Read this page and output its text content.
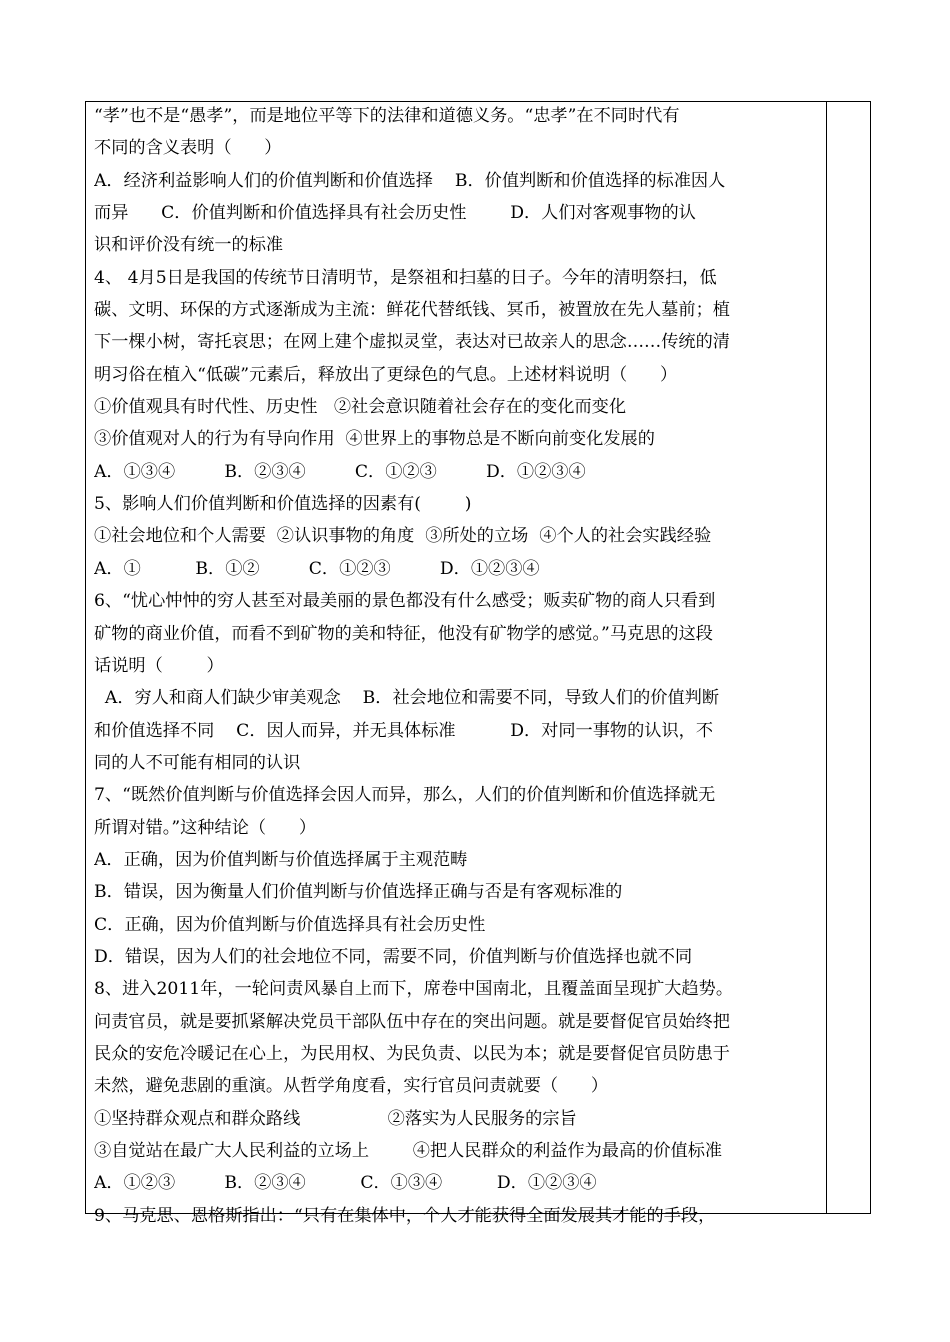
“孝”也不是“愚孝”，而是地位平等下的法律和道德义务。“忠孝”在不同时代有
不同的含义表明（      ）
A．经济利益影响人们的价值判断和价值选择    B．价值判断和价值选择的标准因人
而异      C．价值判断和价值选择具有社会历史性        D．人们对客观事物的认
识和评价没有统一的标准
4、 4月5日是我国的传统节日清明节，是祭祖和扫墓的日子。今年的清明祭扫，低
碳、文明、环保的方式逐渐成为主流：鲜花代替纸钱、冥币，被置放在先人墓前；植
下一棵小树，寄托哀思；在网上建个虚拟灵堂，表达对已故亲人的思念……传统的清
明习俗在植入“低碳”元素后，释放出了更绿色的气息。上述材料说明（      ）
①价值观具有时代性、历史性   ②社会意识随着社会存在的变化而变化
③价值观对人的行为有导向作用  ④世界上的事物总是不断向前变化发展的
A．①③④         B．②③④         C．①②③         D．①②③④
5、影响人们价值判断和价值选择的因素有(        )
①社会地位和个人需要  ②认识事物的角度  ③所处的立场  ④个人的社会实践经验
A．①          B．①②         C．①②③         D．①②③④
6、“忧心忡忡的穷人甚至对最美丽的景色都没有什么感受；贩卖矿物的商人只看到
矿物的商业价值，而看不到矿物的美和特征，他没有矿物学的感觉。”马克思的这段
话说明（        ）
A．穷人和商人们缺少审美观念    B．社会地位和需要不同，导致人们的价值判断
和价值选择不同    C．因人而异，并无具体标准          D．对同一事物的认识，不
同的人不可能有相同的认识
7、“既然价值判断与价值选择会因人而异，那么，人们的价值判断和价值选择就无
所谓对错。”这种结论（      ）
A．正确，因为价值判断与价值选择属于主观范畴
B．错误，因为衡量人们价值判断与价值选择正确与否是有客观标准的
C．正确，因为价值判断与价值选择具有社会历史性
D．错误，因为人们的社会地位不同，需要不同，价值判断与价值选择也就不同
8、进入2011年，一轮问责风暴自上而下，席卷中国南北，且覆盖面呈现扩大趋势。
问责官员，就是要抓紧解决党员干部队伍中存在的突出问题。就是要督促官员始终把
民众的安危冷暖记在心上，为民用权、为民负责、以民为本；就是要督促官员防患于
未然，避免悲剧的重演。从哲学角度看，实行官员问责就要（      ）
①坚持群众观点和群众路线                ②落实为人民服务的宗旨
③自觉站在最广大人民利益的立场上        ④把人民群众的利益作为最高的价值标准
A．①②③         B．②③④          C．①③④          D．①②③④
9、马克思、恩格斯指出：“只有在集体中，个人才能获得全面发展其才能的手段，
